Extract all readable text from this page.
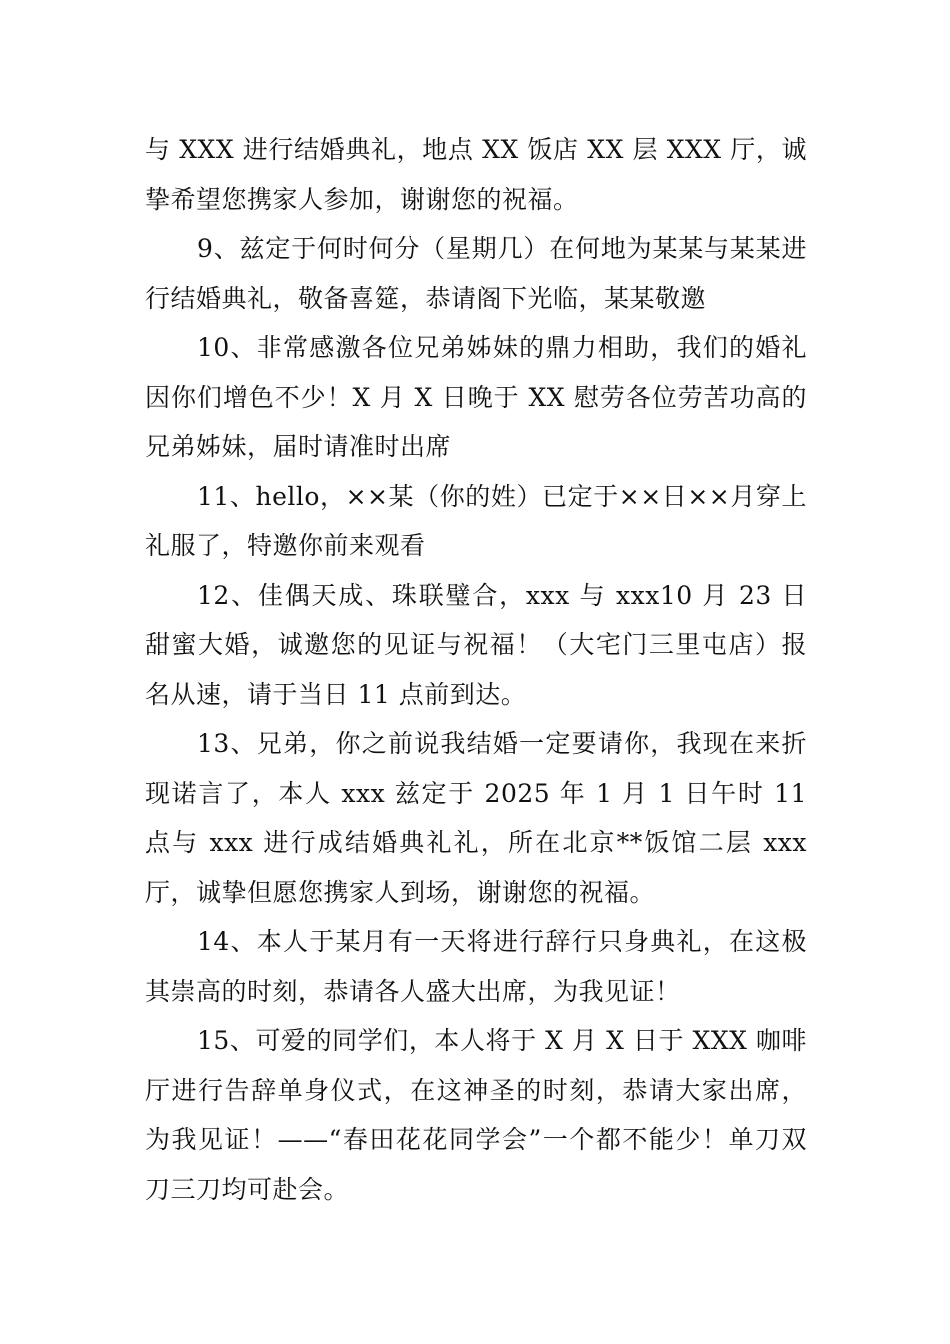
与 XXX 进行结婚典礼，地点 XX 饭店 XX 层 XXX 厅，诚挚希望您携家人参加，谢谢您的祝福。

9、兹定于何时何分（星期几）在何地为某某与某某进行结婚典礼，敬备喜筵，恭请阁下光临，某某敬邀

10、非常感激各位兄弟姊妹的鼎力相助，我们的婚礼因你们增色不少！X 月 X 日晚于 XX 慰劳各位劳苦功高的兄弟姊妹，届时请准时出席

11、hello，××某（你的姓）已定于××日××月穿上礼服了，特邀你前来观看

12、佳偶天成、珠联璧合，xxx 与 xxx10 月 23 日甜蜜大婚，诚邀您的见证与祝福！（大宅门三里屯店）报名从速，请于当日 11 点前到达。

13、兄弟，你之前说我结婚一定要请你，我现在来折现诺言了，本人 xxx 兹定于 2025 年 1 月 1 日午时 11 点与 xxx 进行成结婚典礼礼，所在北京**饭馆二层 xxx 厅，诚挚但愿您携家人到场，谢谢您的祝福。

14、本人于某月有一天将进行辞行只身典礼，在这极其崇高的时刻，恭请各人盛大出席，为我见证！

15、可爱的同学们，本人将于 X 月 X 日于 XXX 咖啡厅进行告辞单身仪式，在这神圣的时刻，恭请大家出席，为我见证！——“春田花花同学会”一个都不能少！单刀双刀三刀均可赴会。
